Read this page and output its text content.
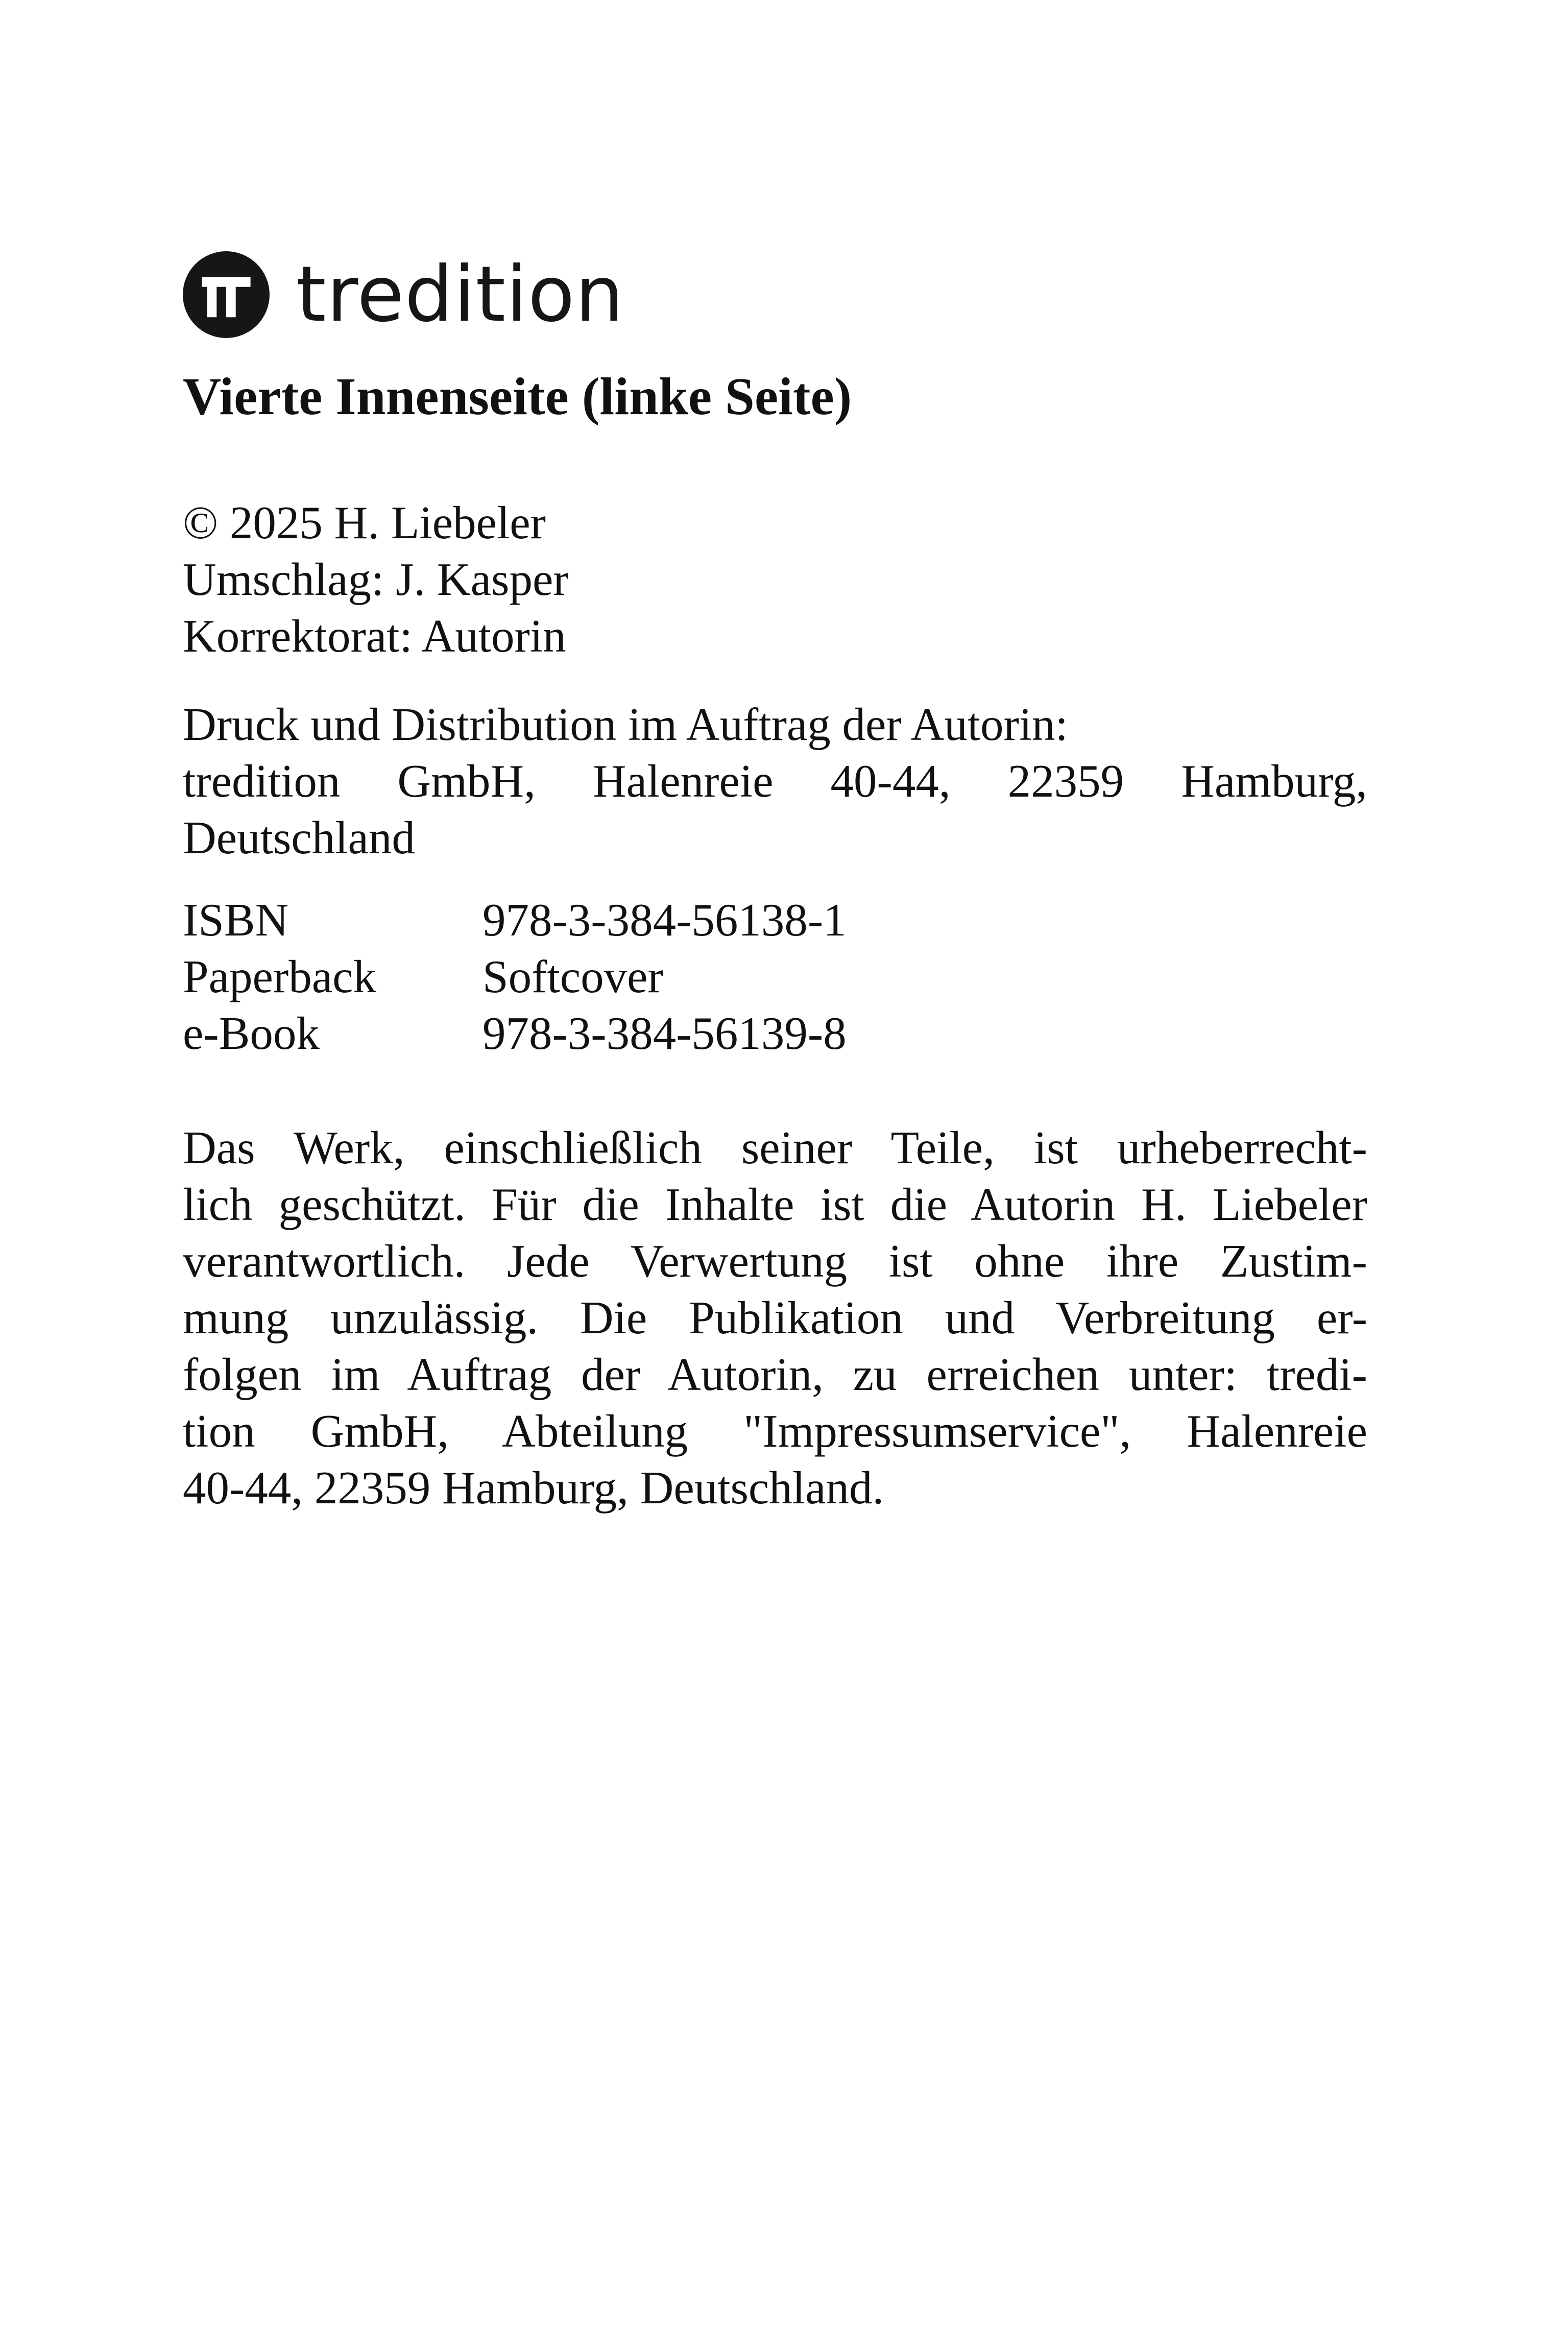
tredition
Vierte Innenseite (linke Seite)
© 2025 H. Liebeler
Umschlag: J. Kasper
Korrektorat: Autorin
Druck und Distribution im Auftrag der Autorin:
tredition GmbH, Halenreie 40-44, 22359 Hamburg,
Deutschland
ISBN	978-3-384-56138-1
Paperback	Softcover
e-Book	978-3-384-56139-8
Das Werk, einschließlich seiner Teile, ist urheberrecht-
lich geschützt. Für die Inhalte ist die Autorin H. Liebeler
verantwortlich. Jede Verwertung ist ohne ihre Zustim-
mung unzulässig. Die Publikation und Verbreitung er-
folgen im Auftrag der Autorin, zu erreichen unter: tredi-
tion GmbH, Abteilung "Impressumservice", Halenreie
40-44, 22359 Hamburg, Deutschland.
